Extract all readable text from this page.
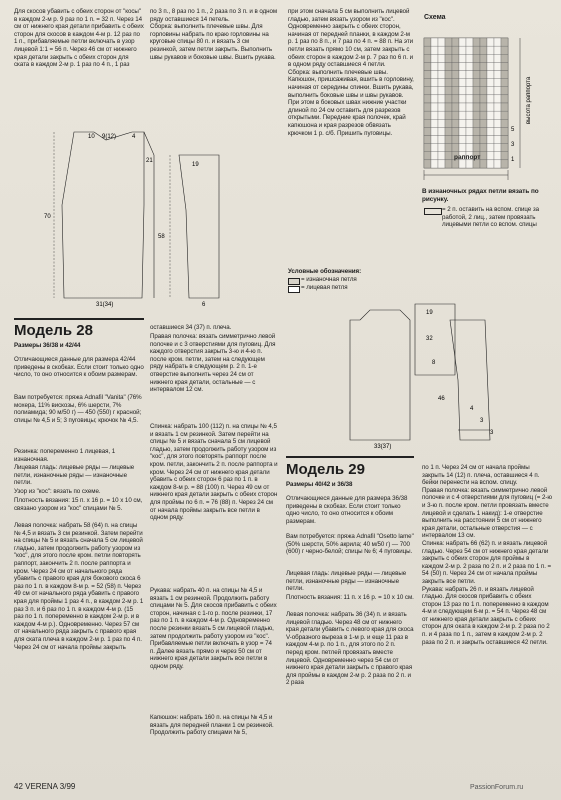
Для скосов убавить с обеих сторон от "косы" в каждом 2-м р. 9 раз по 1 п. = 32 п. Через 14 см от нижнего края детали прибавить с обеих сторон для скосов в каждом 4-м р. 12 раз по 1 п., прибавляемые петли включать в узор лицевой 1:1 = 56 п. Через 46 см от нижнего края детали закрыть с обеих сторон для ската в каждом 2-м р. 1 раз по 4 п., 1 раз

по 3 п., 8 раз по 1 п., 2 раза по 3 п. и в одном ряду оставшиеся 14 петель.
Сборка: выполнить плечевые швы. Для горловины набрать по краю горловины на круговые спицы 80 п. и вязать 3 см резинкой, затем петли закрыть. Выполнить швы рукавов и боковые швы. Вшить рукава.

при этом сначала 5 см выполнить лицевой гладью, затем вязать узором из "кос". Одновременно закрыть с обеих сторон, начиная от передней планки, в каждом 2-м р. 1 раз по 8 п., и 7 раз по 4 п. = 88 п. На эти петли вязать прямо 10 см, затем закрыть с обеих сторон в каждом 2-м р. 7 раз по 6 п. и в одном ряду оставшиеся 4 петли.
Сборка: выполнить плечевые швы. Капюшон, пришсаживая, вшить в горловину, начиная от середины спинки. Вшить рукава, выполнить боковые швы и швы рукавов. При этом в боковых швах нижние участки длиной по 24 см оставить для разрезов открытыми. Передние края полочек, край капюшона и края разрезов обвязать крючком 1 р. с/б. Пришить пуговицы.

Условные обозначения:

= изнаночная петля

= лицевая петля

Схема
5
3
1
высота раппорта
раппорт

В изнаночных рядах петли вязать по рисунку.

= 2 п. оставить на вспом. спице за работой, 2 лиц., затем провязать лицевыми петли со вспом. спицы

10 9(12)	4
21
70
58
31(34)
19
6
19
32
8
46
4
3
33(37)
3
Модель 28

Размеры 36/38 и 42/44

Отличающиеся данные для размера 42/44 приведены в скобках. Если стоит только одно число, то оно относится к обоим размерам.

Вам потребуется: пряжа Adnafil "Vanita" (76% мохера, 11% вискозы, 6% шерсти, 7% полиамида; 90 м/50 г) — 450 (550) г красной; спицы № 4,5 и 5; 3 пуговицы; крючок № 4,5.

Резинка: попеременно 1 лицевая, 1 изнаночная.

Лицевая гладь: лицевые ряды — лицевые петли, изнаночные ряды — изнаночные петли.

Узор из "кос": вязать по схеме.

Плотность вязания: 15 п. x 16 р. = 10 x 10 см, связано узором из "кос" спицами № 5.

Левая полочка: набрать 58 (64) п. на спицы № 4,5 и вязать 3 см резинкой. Затем перейти на спицы № 5 и вязать сначала 5 см лицевой гладью, затем продолжить работу узором из "кос", для этого после кром. петли повторять раппорт, закончить 2 п. после раппорта и кром. Через 24 см от начального ряда убавить с правого края для бокового скоса 6 раз по 1 п. в каждом 8-м р. = 52 (58) п. Через 49 см от начального ряда убавить с правого края для проймы 1 раз 4 п., в каждом 2-м р. 1 раз 3 п. и 6 раз по 1 п. в каждом 4-м р. (15 раз по 1 п. попеременно в каждом 2-м р. и в каждом 4-м р.). Одновременно. Через 57 см от начального ряда закрыть с правого края для ската плеча в каждом 2-м р. 1 раз по 4 п. Через 24 см от начала проймы закрыть

оставшиеся 34 (37) п. плеча.

Правая полочка: вязать симметрично левой полочке и с 3 отверстиями для пуговиц. Для каждого отверстия закрыть 3-ю и 4-ю п. после кром. петли, затем на следующем ряду набрать в следующем р. 2 п. 1-е отверстие выполнить через 24 см от нижнего края детали, остальные — с интервалом 12 см.

Спинка: набрать 100 (112) п. на спицы № 4,5 и вязать 1 см резинкой. Затем перейти на спицы № 5 и вязать сначала 5 см лицевой гладью, затем продолжить работу узором из "кос", для этого повторять раппорт после кром. петли, закончить 2 п. после раппорта и кром. Через 24 см от нижнего края детали убавить с обеих сторон 6 раз по 1 п. в каждом 8-м р. = 88 (100) п. Через 49 см от нижнего края детали закрыть с обеих сторон для проймы по 6 п. = 76 (88) п. Через 24 см от начала проймы закрыть все петли в одном ряду.

Рукава: набрать 40 п. на спицы № 4,5 и вязать 1 см резинкой. Продолжить работу спицами № 5. Для скосов прибавить с обеих сторон, начиная с 1-го р. после резинки, 17 раз по 1 п. в каждом 4-м р. Одновременно после резинки вязать 5 см лицевой гладью, затем продолжить работу узором из "кос". Прибавляемые петли включать в узор = 74 п. Далее вязать прямо и через 50 см от нижнего края детали закрыть все петли в одном ряду.

Капюшон: набрать 160 п. на спицы № 4,5 и вязать для передней планки 1 см резинкой. Продолжить работу спицами № 5,

Модель 29

Размеры 40/42 и 36/38

Отличающиеся данные для размера 36/38 приведены в скобках. Если стоит только одно число, то оно относится к обоим размерам.

Вам потребуется: пряжа Adnafil "Osetto lame" (50% шерсти, 50% акрила; 40 м/50 г) — 700 (600) г черно-белой; спицы № 6; 4 пуговицы.

Лицевая гладь: лицевые ряды — лицевые петли, изнаночные ряды — изнаночные петли.

Плотность вязания: 11 п. x 16 р. = 10 x 10 см.

Левая полочка: набрать 36 (34) п. и вязать лицевой гладью. Через 48 см от нижнего края детали убавить с левого края для скоса V-образного выреза в 1-м р. и еще 11 раз в каждом 4-м р. по 1 п., для этого по 2 п. перед кром. петлей провязать вместе лицевой. Одновременно через 54 см от нижнего края детали закрыть с правого края для проймы в каждом 2-м р. 2 раза по 2 п. и 2 раза

по 1 п. Через 24 см от начала проймы закрыть 14 (12) п. плеча, оставшиеся 4 п. бейки перенести на вспом. спицу.
Правая полочка: вязать симметрично левой полочке и с 4 отверстиями для пуговиц (= 2-ю и 3-ю п. после кром. петли провязать вместе лицевой и сделать 1 накид): 1-е отверстие выполнить на расстоянии 5 см от нижнего края детали, остальные отверстия — с интервалом 13 см.
Спинка: набрать 66 (62) п. и вязать лицевой гладью. Через 54 см от нижнего края детали закрыть с обеих сторон для проймы в каждом 2-м р. 2 раза по 2 п. и 2 раза по 1 п. = 54 (50) п. Через 24 см от начала проймы закрыть все петли.
Рукава: набрать 26 п. и вязать лицевой гладью. Для скосов прибавить с обеих сторон 13 раз по 1 п. попеременно в каждом 4-м и следующем 6-м р. = 54 п. Через 48 см от нижнего края детали закрыть с обеих сторон для оката в каждом 2-м р. 2 раза по 2 п. и 4 раза по 1 п., затем в каждом 2-м р. 2 раза по 2 п. и закрыть оставшиеся 42 петли.

42 VERENA 3/99	PassionForum.ru
